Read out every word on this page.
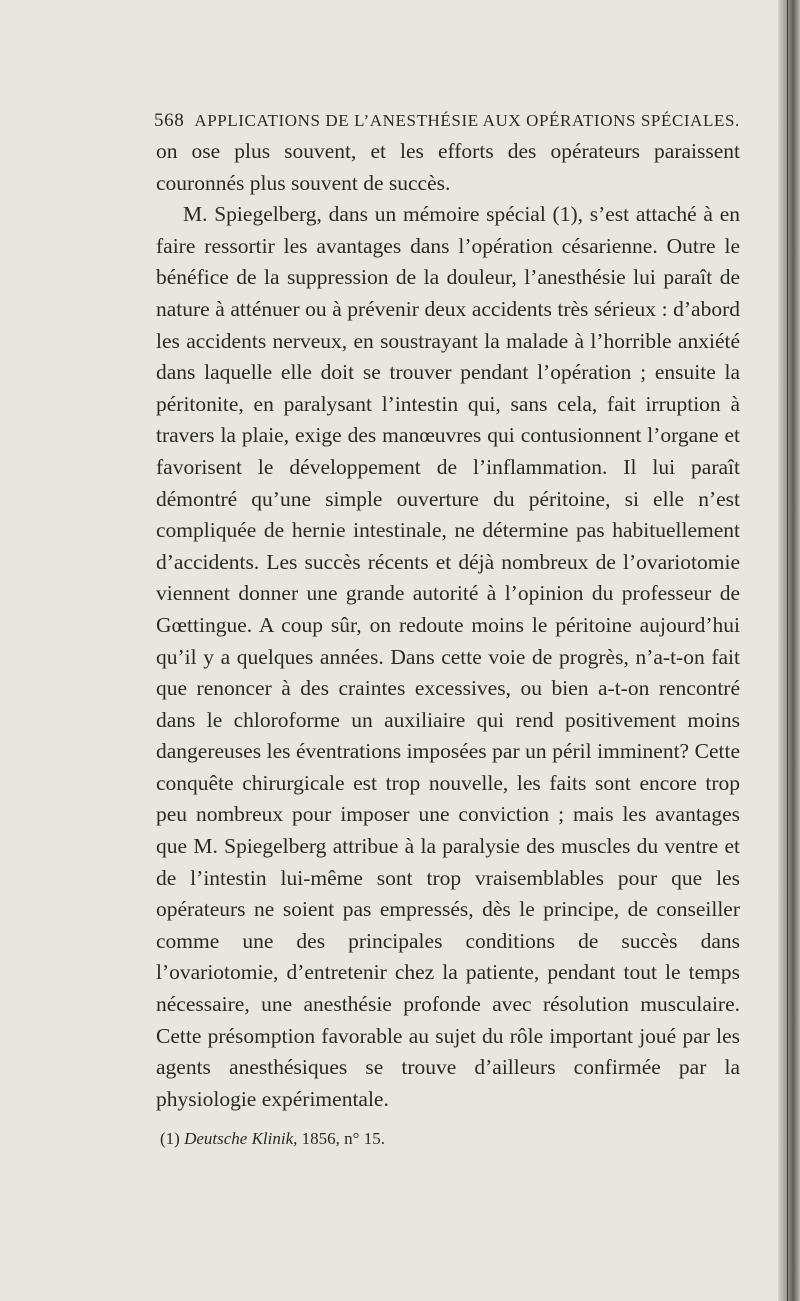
568 APPLICATIONS DE L’ANESTHÉSIE AUX OPÉRATIONS SPÉCIALES.
on ose plus souvent, et les efforts des opérateurs paraissent couronnés plus souvent de succès.
M. Spiegelberg, dans un mémoire spécial (1), s’est attaché à en faire ressortir les avantages dans l’opération césarienne. Outre le bénéfice de la suppression de la douleur, l’anesthésie lui paraît de nature à atténuer ou à prévenir deux accidents très sérieux : d’abord les accidents nerveux, en soustrayant la malade à l’horrible anxiété dans laquelle elle doit se trouver pendant l’opération ; ensuite la péritonite, en paralysant l’intestin qui, sans cela, fait irruption à travers la plaie, exige des manœuvres qui contusionnent l’organe et favorisent le développement de l’inflammation. Il lui paraît démontré qu’une simple ouverture du péritoine, si elle n’est compliquée de hernie intestinale, ne détermine pas habituellement d’accidents. Les succès récents et déjà nombreux de l’ovariotomie viennent donner une grande autorité à l’opinion du professeur de Gœttingue. A coup sûr, on redoute moins le péritoine aujourd’hui qu’il y a quelques années. Dans cette voie de progrès, n’a-t-on fait que renoncer à des craintes excessives, ou bien a-t-on rencontré dans le chloroforme un auxiliaire qui rend positivement moins dangereuses les éventrations imposées par un péril imminent? Cette conquête chirurgicale est trop nouvelle, les faits sont encore trop peu nombreux pour imposer une conviction ; mais les avantages que M. Spiegelberg attribue à la paralysie des muscles du ventre et de l’intestin lui-même sont trop vraisemblables pour que les opérateurs ne soient pas empressés, dès le principe, de conseiller comme une des principales conditions de succès dans l’ovariotomie, d’entretenir chez la patiente, pendant tout le temps nécessaire, une anesthésie profonde avec résolution musculaire. Cette présomption favorable au sujet du rôle important joué par les agents anesthésiques se trouve d’ailleurs confirmée par la physiologie expérimentale.
(1) Deutsche Klinik, 1856, n° 15.
